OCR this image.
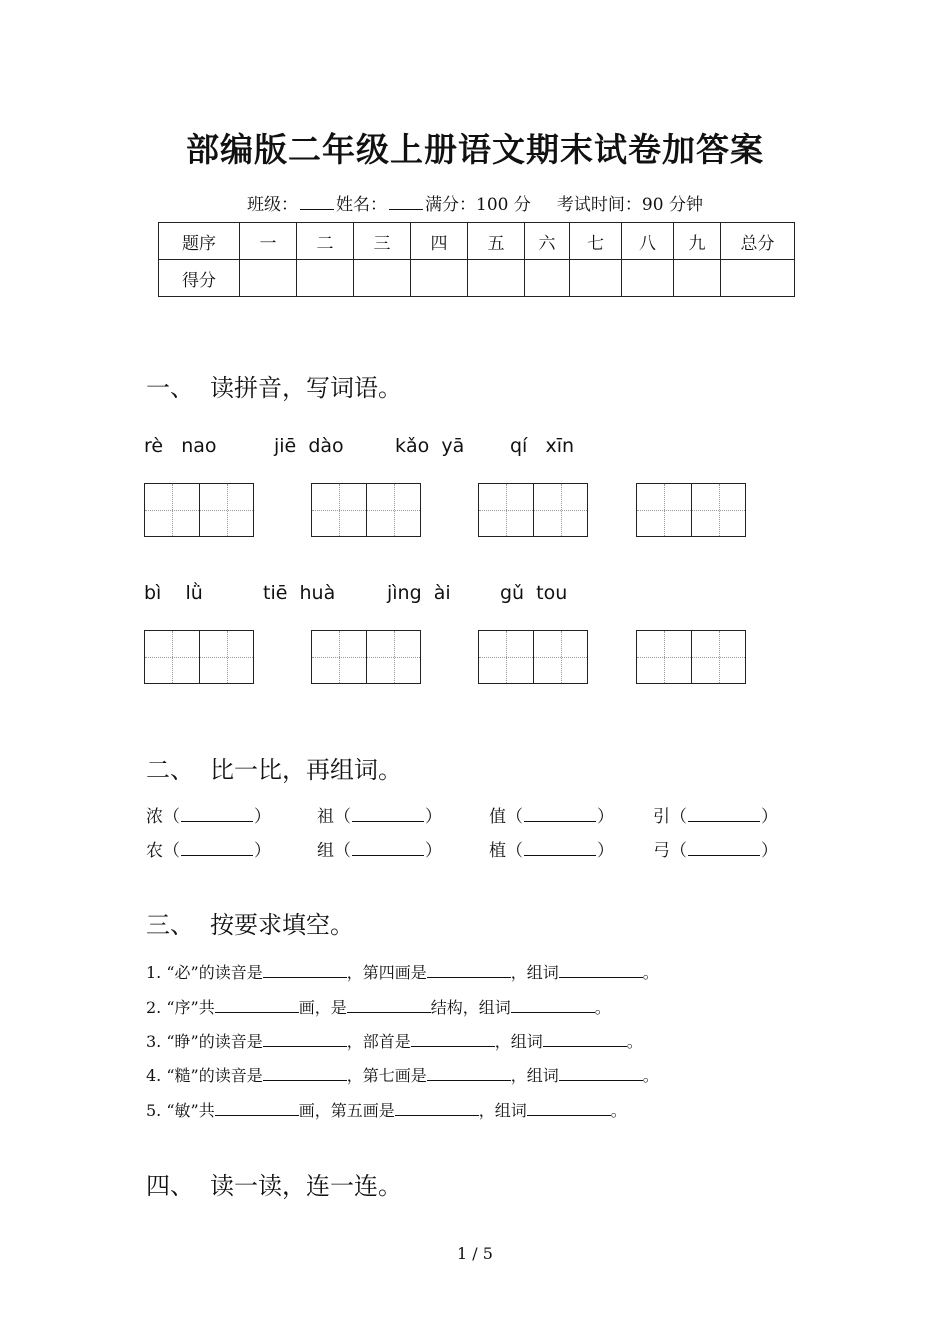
部编版二年级上册语文期末试卷加答案
班级： 姓名： 满分：100 分 考试时间：90 分钟
题序	一	二	三	四	五	六	七	八	九	总分
得分										
一、 读拼音，写词语。
rè   nao	jiē  dào	kǎo  yā qí   xīn
bì    lǜ	tiē  huà	jìng  ài	gǔ  tou
二、 比一比，再组词。
浓（	）	祖（	）	值（	） 引（	）
农（	）	组（	）	植（	） 弓（	）
三、 按要求填空。
1. “必”的读音是	，第四画是	，组词	。
2. “序”共	画，是	结构，组词	。
3. “睁”的读音是	，部首是	，组词	。
4. “糙”的读音是	，第七画是	，组词	。
5. “敏”共	画，第五画是	，组词	。
四、 读一读，连一连。
1 / 5
